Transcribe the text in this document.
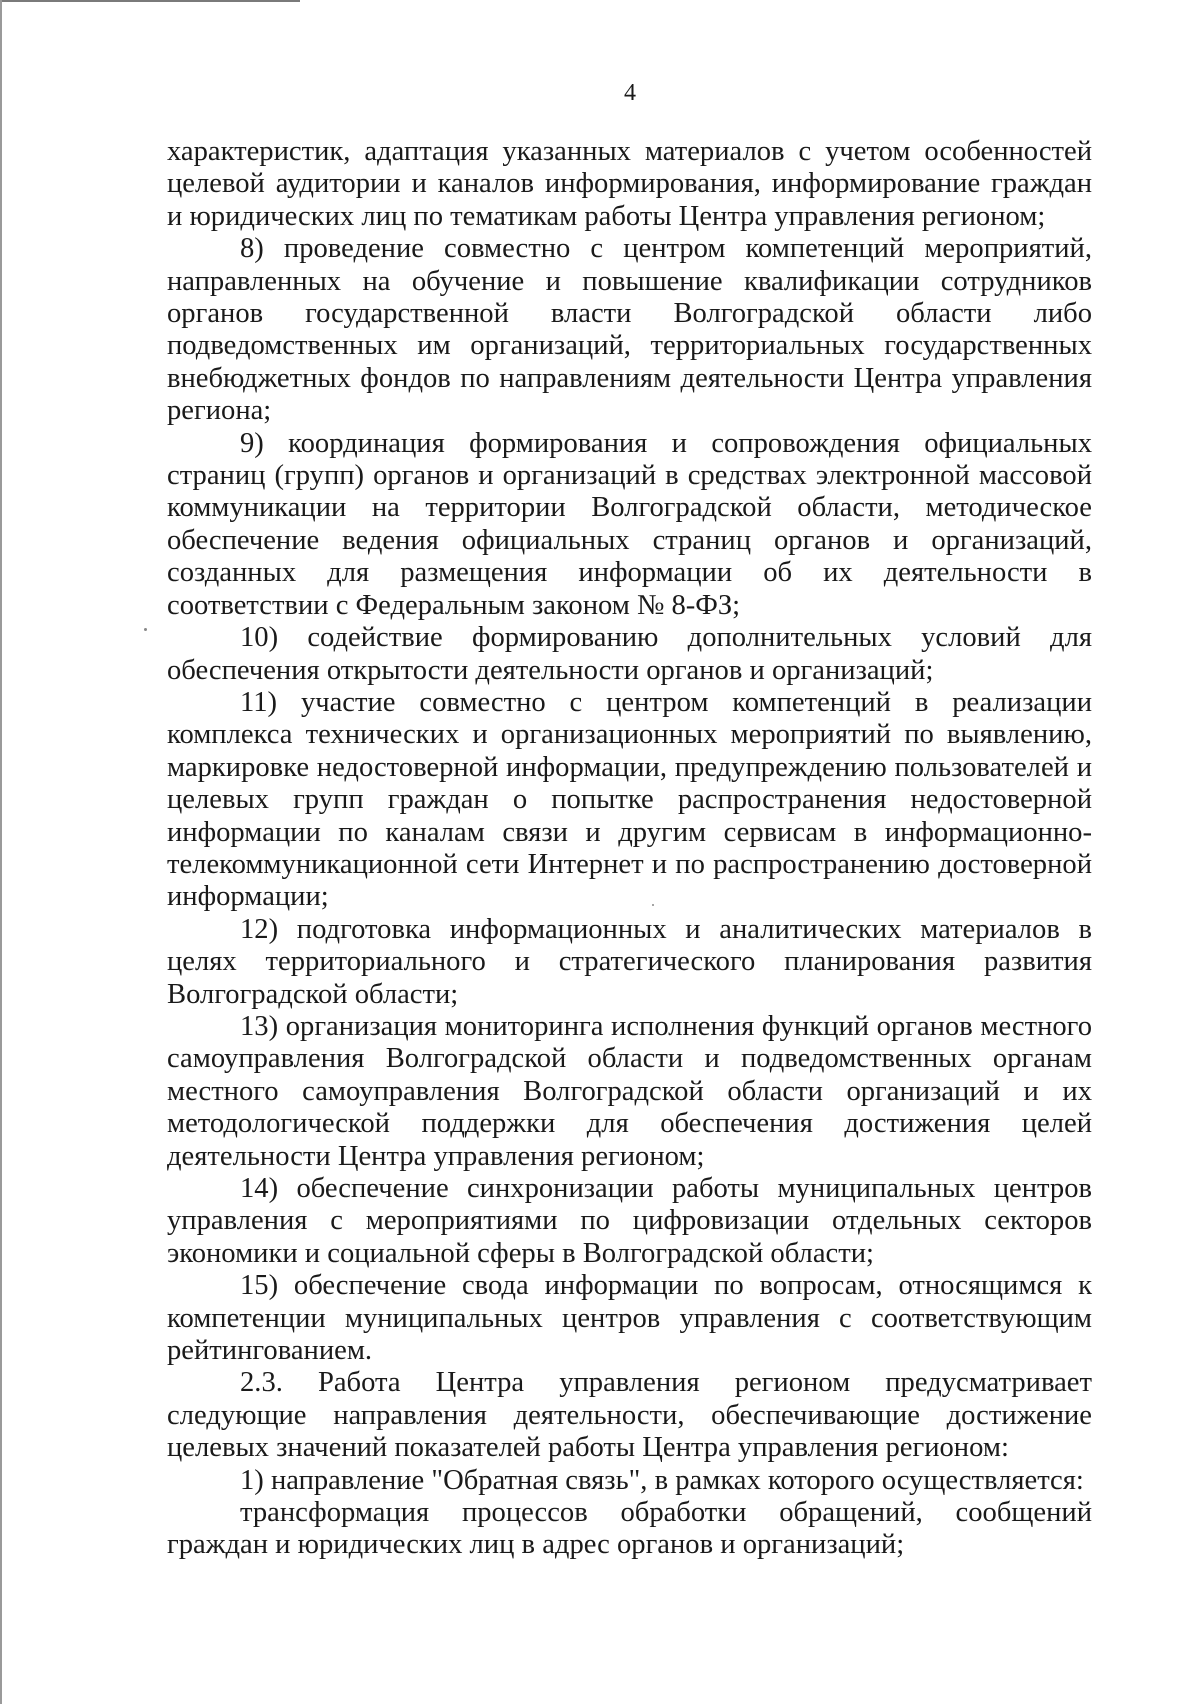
4

характеристик, адаптация указанных материалов с учетом особенностей целевой аудитории и каналов информирования, информирование граждан и юридических лиц по тематикам работы Центра управления регионом;

8) проведение совместно с центром компетенций мероприятий, направленных на обучение и повышение квалификации сотрудников органов государственной власти Волгоградской области либо подведомственных им организаций, территориальных государственных внебюджетных фондов по направлениям деятельности Центра управления региона;

9) координация формирования и сопровождения официальных страниц (групп) органов и организаций в средствах электронной массовой коммуникации на территории Волгоградской области, методическое обеспечение ведения официальных страниц органов и организаций, созданных для размещения информации об их деятельности в соответствии с Федеральным законом № 8-ФЗ;

10) содействие формированию дополнительных условий для обеспечения открытости деятельности органов и организаций;

11) участие совместно с центром компетенций в реализации комплекса технических и организационных мероприятий по выявлению, маркировке недостоверной информации, предупреждению пользователей и целевых групп граждан о попытке распространения недостоверной информации по каналам связи и другим сервисам в информационно-телекоммуникационной сети Интернет и по распространению достоверной информации;

12) подготовка информационных и аналитических материалов в целях территориального и стратегического планирования развития Волгоградской области;

13) организация мониторинга исполнения функций органов местного самоуправления Волгоградской области и подведомственных органам местного самоуправления Волгоградской области организаций и их методологической поддержки для обеспечения достижения целей деятельности Центра управления регионом;

14) обеспечение синхронизации работы муниципальных центров управления с мероприятиями по цифровизации отдельных секторов экономики и социальной сферы в Волгоградской области;

15) обеспечение свода информации по вопросам, относящимся к компетенции муниципальных центров управления с соответствующим рейтингованием.

2.3. Работа Центра управления регионом предусматривает следующие направления деятельности, обеспечивающие достижение целевых значений показателей работы Центра управления регионом:

1) направление "Обратная связь", в рамках которого осуществляется:

трансформация процессов обработки обращений, сообщений граждан и юридических лиц в адрес органов и организаций;
